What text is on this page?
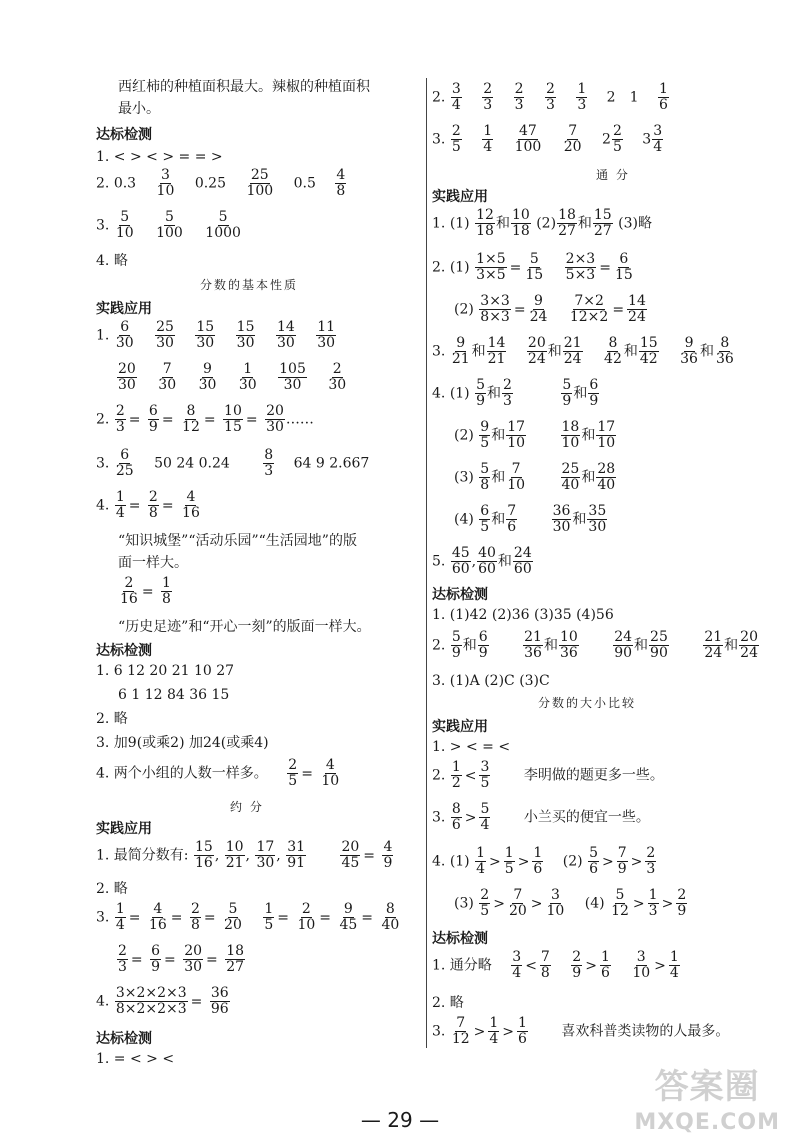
西红柿的种植面积最大。辣椒的种植面积
最小。
达标检测
1. < > < > = = >
2. $0.3 \frac{3}{10} 0.25 \frac{25}{100} 0.5 \frac{4}{8}$
3. $\frac{5}{10}$
$\frac{5}{100}$
$\frac{5}{1000}$
4. 略
分数的基本性质
实践应用
1. $\frac{6}{30}$
$\frac{25}{30}$
$\frac{15}{30}$
$\frac{15}{30}$
$\frac{14}{30}$
$\frac{11}{30}$
$\frac{20}{30}$
$\frac{7}{30}$
$\frac{9}{30}$
$\frac{1}{30}$
$\frac{105}{30}$
$\frac{2}{30}$
2. $\frac{2}{3} = \frac{6}{9} = \frac{8}{12} = \frac{10}{15} = \frac{20}{30}$ ……
3. $\frac{6}{25} 50$ 24 $0.24 \frac{8}{3} 64$ 9 2.667
4. $\frac{1}{4} = \frac{2}{8} = \frac{4}{16}$
“知识城堡”“活动乐园”“生活园地”的版
面一样大。
$\frac{2}{16} = \frac{1}{8}$
“历史足迹”和“开心一刻”的版面一样大。
达标检测
1. 6 12 20 21 10 27
6 1 12 84 36 15
2. 略
3. 加9(或乘2) 加24(或乘4)
4. 两个小组的人数一样多。 $\frac{2}{5} = \frac{4}{10}$
约 分
实践应用
1. 最简分数有: $\frac{15}{16}$ , $\frac{10}{21}$ , $\frac{17}{30}$ , $\frac{31}{91}$
$\frac{20}{45} = \frac{4}{9}$
2. 略
3. $\frac{1}{4} = \frac{4}{16} = \frac{2}{8} = \frac{5}{20}$
$\frac{1}{5} = \frac{2}{10} = \frac{9}{45} = \frac{8}{40}$
$\frac{2}{3} = \frac{6}{9} = \frac{20}{30} = \frac{18}{27}$
4. $\frac{3\times 2\times 2\times 3}{8\times 2\times 2\times 3} = \frac{36}{96}$
达标检测
1. = < > <
2. $\frac{3}{4}$
$\frac{2}{3}$
$\frac{2}{3}$
$\frac{2}{3}$
$\frac{1}{3} 2$ $1 \frac{1}{6}$
3. $\frac{2}{5}$
$\frac{1}{4}$
$\frac{47}{100}$
$\frac{7}{20} 2 \frac{2}{5} 3 \frac{3}{4}$
通 分
实践应用
1. $(1) \frac{12}{18}$ 和 $\frac{10}{18} (2) \frac{18}{27}$ 和 $\frac{15}{27} (3)$略
2. $(1) \frac{1\times 5}{3\times 5} = \frac{5}{15}$
$\frac{2\times 3}{5\times 3} = \frac{6}{15}$
$(2) \frac{3\times 3}{8\times 3} = \frac{9}{24}$
$\frac{7\times 2}{12\times 2} = \frac{14}{24}$
3. $\frac{9}{21}$ 和 $\frac{14}{21}$
$\frac{20}{24}$ 和 $\frac{21}{24}$
$\frac{8}{42}$ 和 $\frac{15}{42}$
$\frac{9}{36}$ 和 $\frac{8}{36}$
4. $(1) \frac{5}{9}$ 和 $\frac{2}{3}$
	$\frac{5}{9}$ 和 $\frac{6}{9}$
$(2) \frac{9}{5}$ 和 $\frac{17}{10}$
$\frac{18}{10}$ 和 $\frac{17}{10}$
$(3) \frac{5}{8}$ 和 $\frac{7}{10}$
$\frac{25}{40}$ 和 $\frac{28}{40}$
$(4) \frac{6}{5}$ 和 $\frac{7}{6}$
$\frac{36}{30}$ 和 $\frac{35}{30}$
5. $\frac{45}{60}$ , $\frac{40}{60}$ 和 $\frac{24}{60}$
达标检测
1. (1)42 (2)36 (3)35 (4)56
2. $\frac{5}{9}$ 和 $\frac{6}{9}$
$\frac{21}{36}$ 和 $\frac{10}{36}$
$\frac{24}{90}$ 和 $\frac{25}{90}$
$\frac{21}{24}$ 和 $\frac{20}{24}$
3. (1)A (2)C (3)C
分数的大小比较
实践应用
1. > < = <
2. $\frac{1}{2} < \frac{3}{5}$ 李明做的题更多一些。
3. $\frac{8}{6} > \frac{5}{4}$ 小兰买的便宜一些。
4. $(1) \frac{1}{4} > \frac{1}{5} > \frac{1}{6} (2) \frac{5}{6} > \frac{7}{9} > \frac{2}{3}$
$(3) \frac{2}{5} > \frac{7}{20} > \frac{3}{10} (4) \frac{5}{12} > \frac{1}{3} > \frac{2}{9}$
达标检测
1. 通分略 $\frac{3}{4} < \frac{7}{8}$
$\frac{2}{9} > \frac{1}{6}$
$\frac{3}{10} > \frac{1}{4}$
2. 略
3. $\frac{7}{12} > \frac{1}{4} > \frac{1}{6}$ 喜欢科普类读物的人最多。
— 29 —
答案圈
MXQE.COM
